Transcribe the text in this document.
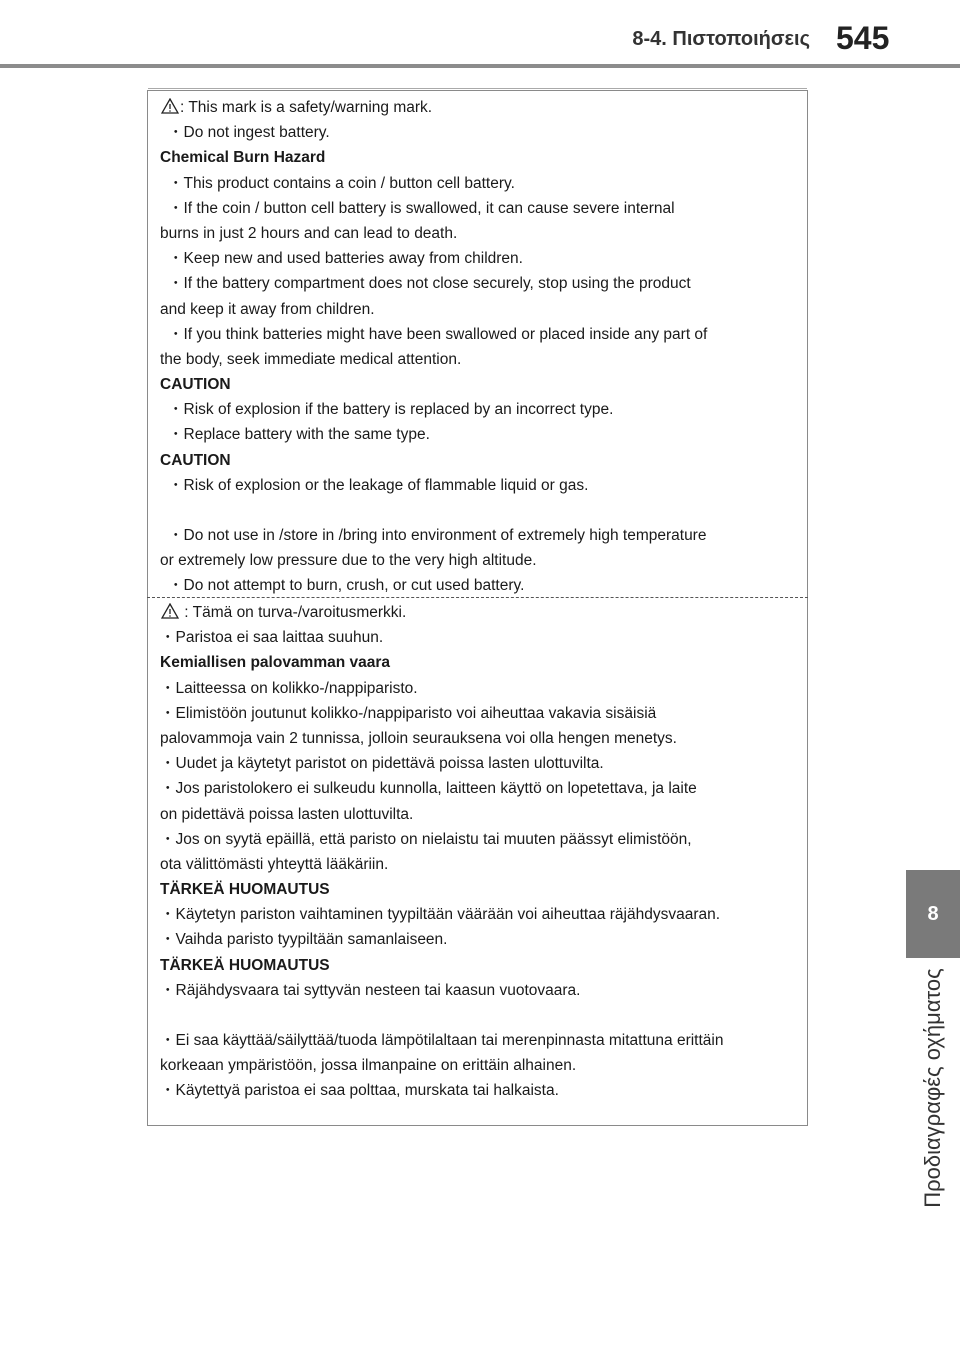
8-4. Πιστοποιήσεις 545
8
Προδιαγραφές οχήματος
: This mark is a safety/warning mark.
・Do not ingest battery.
Chemical Burn Hazard
・This product contains a coin / button cell battery.
・If the coin / button cell battery is swallowed, it can cause severe internal
burns in just 2 hours and can lead to death.
・Keep new and used batteries away from children.
・If the battery compartment does not close securely, stop using the product
and keep it away from children.
・If you think batteries might have been swallowed or placed inside any part of
the body, seek immediate medical attention.
CAUTION
・Risk of explosion if the battery is replaced by an incorrect type.
・Replace battery with the same type.
CAUTION
・Risk of explosion or the leakage of flammable liquid or gas.
・Do not use in /store in /bring into environment of extremely high temperature
or extremely low pressure due to the very high altitude.
・Do not attempt to burn, crush, or cut used battery.
: Tämä on turva-/varoitusmerkki.
・Paristoa ei saa laittaa suuhun.
Kemiallisen palovamman vaara
・Laitteessa on kolikko-/nappiparisto.
・Elimistöön joutunut kolikko-/nappiparisto voi aiheuttaa vakavia sisäisiä
palovammoja vain 2 tunnissa, jolloin seurauksena voi olla hengen menetys.
・Uudet ja käytetyt paristot on pidettävä poissa lasten ulottuvilta.
・Jos paristolokero ei sulkeudu kunnolla, laitteen käyttö on lopetettava, ja laite
on pidettävä poissa lasten ulottuvilta.
・Jos on syytä epäillä, että paristo on nielaistu tai muuten päässyt elimistöön,
ota välittömästi yhteyttä lääkäriin.
TÄRKEÄ HUOMAUTUS
・Käytetyn pariston vaihtaminen tyypiltään väärään voi aiheuttaa räjähdysvaaran.
・Vaihda paristo tyypiltään samanlaiseen.
TÄRKEÄ HUOMAUTUS
・Räjähdysvaara tai syttyvän nesteen tai kaasun vuotovaara.
・Ei saa käyttää/säilyttää/tuoda lämpötilaltaan tai merenpinnasta mitattuna erittäin
korkeaan ympäristöön, jossa ilmanpaine on erittäin alhainen.
・Käytettyä paristoa ei saa polttaa, murskata tai halkaista.
